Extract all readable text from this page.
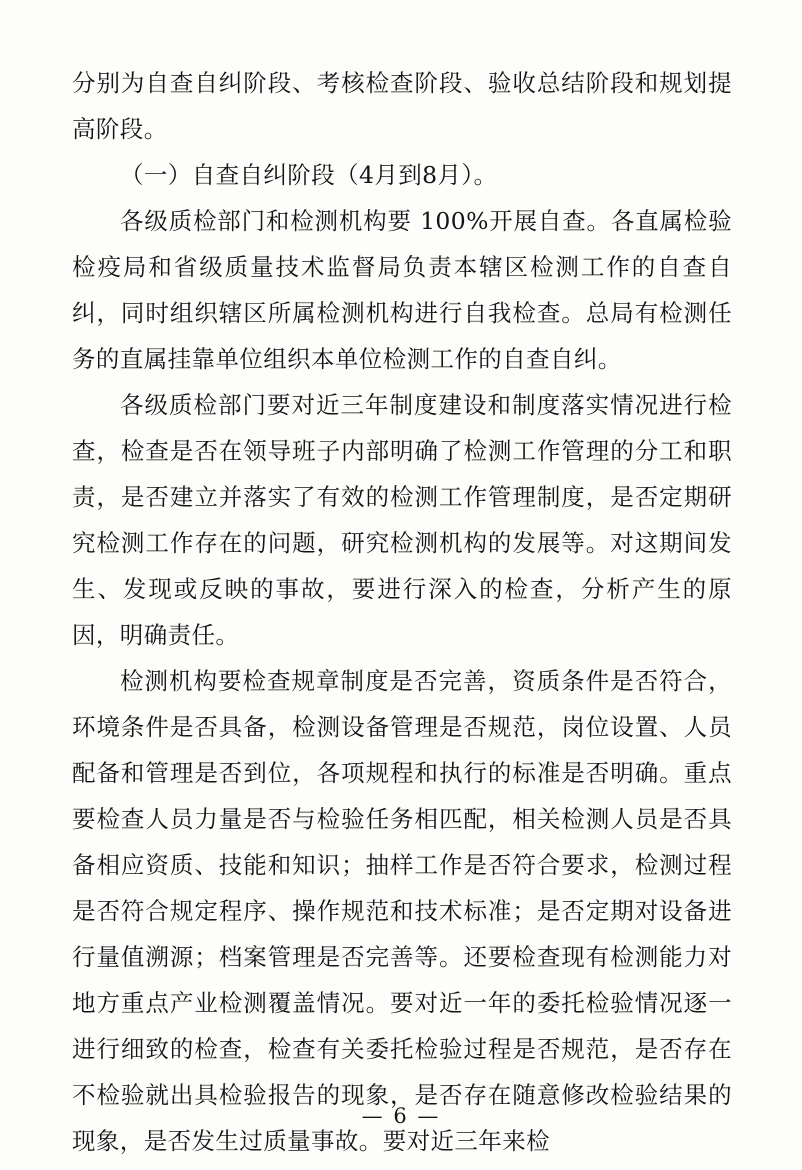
分别为自查自纠阶段、考核检查阶段、验收总结阶段和规划提高阶段。

（一）自查自纠阶段（4月到8月）。

各级质检部门和检测机构要 100%开展自查。各直属检验检疫局和省级质量技术监督局负责本辖区检测工作的自查自纠，同时组织辖区所属检测机构进行自我检查。总局有检测任务的直属挂靠单位组织本单位检测工作的自查自纠。

各级质检部门要对近三年制度建设和制度落实情况进行检查，检查是否在领导班子内部明确了检测工作管理的分工和职责，是否建立并落实了有效的检测工作管理制度，是否定期研究检测工作存在的问题，研究检测机构的发展等。对这期间发生、发现或反映的事故，要进行深入的检查，分析产生的原因，明确责任。

检测机构要检查规章制度是否完善，资质条件是否符合，环境条件是否具备，检测设备管理是否规范，岗位设置、人员配备和管理是否到位，各项规程和执行的标准是否明确。重点要检查人员力量是否与检验任务相匹配，相关检测人员是否具备相应资质、技能和知识；抽样工作是否符合要求，检测过程是否符合规定程序、操作规范和技术标准；是否定期对设备进行量值溯源；档案管理是否完善等。还要检查现有检测能力对地方重点产业检测覆盖情况。要对近一年的委托检验情况逐一进行细致的检查，检查有关委托检验过程是否规范，是否存在不检验就出具检验报告的现象，是否存在随意修改检验结果的现象，是否发生过质量事故。要对近三年来检

— 6 —
